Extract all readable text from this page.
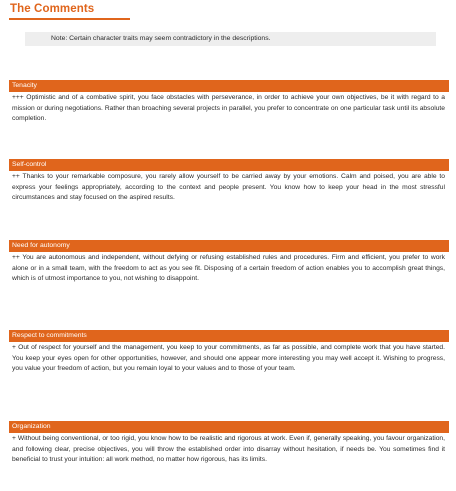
The Comments
Note: Certain character traits may seem contradictory in the descriptions.
Tenacity
+++ Optimistic and of a combative spirit, you face obstacles with perseverance, in order to achieve your own objectives, be it with regard to a mission or during negotiations. Rather than broaching several projects in parallel, you prefer to concentrate on one particular task until its absolute completion.
Self-control
++ Thanks to your remarkable composure, you rarely allow yourself to be carried away by your emotions. Calm and poised, you are able to express your feelings appropriately, according to the context and people present. You know how to keep your head in the most stressful circumstances and stay focused on the aspired results.
Need for autonomy
++ You are autonomous and independent, without defying or refusing established rules and procedures. Firm and efficient, you prefer to work alone or in a small team, with the freedom to act as you see fit. Disposing of a certain freedom of action enables you to accomplish great things, which is of utmost importance to you, not wishing to disappoint.
Respect to commitments
+ Out of respect for yourself and the management, you keep to your commitments, as far as possible, and complete work that you have started. You keep your eyes open for other opportunities, however, and should one appear more interesting you may well accept it. Wishing to progress, you value your freedom of action, but you remain loyal to your values and to those of your team.
Organization
+ Without being conventional, or too rigid, you know how to be realistic and rigorous at work. Even if, generally speaking, you favour organization, and following clear, precise objectives, you will throw the established order into disarray without hesitation, if needs be. You sometimes find it beneficial to trust your intuition: all work method, no matter how rigorous, has its limits.
